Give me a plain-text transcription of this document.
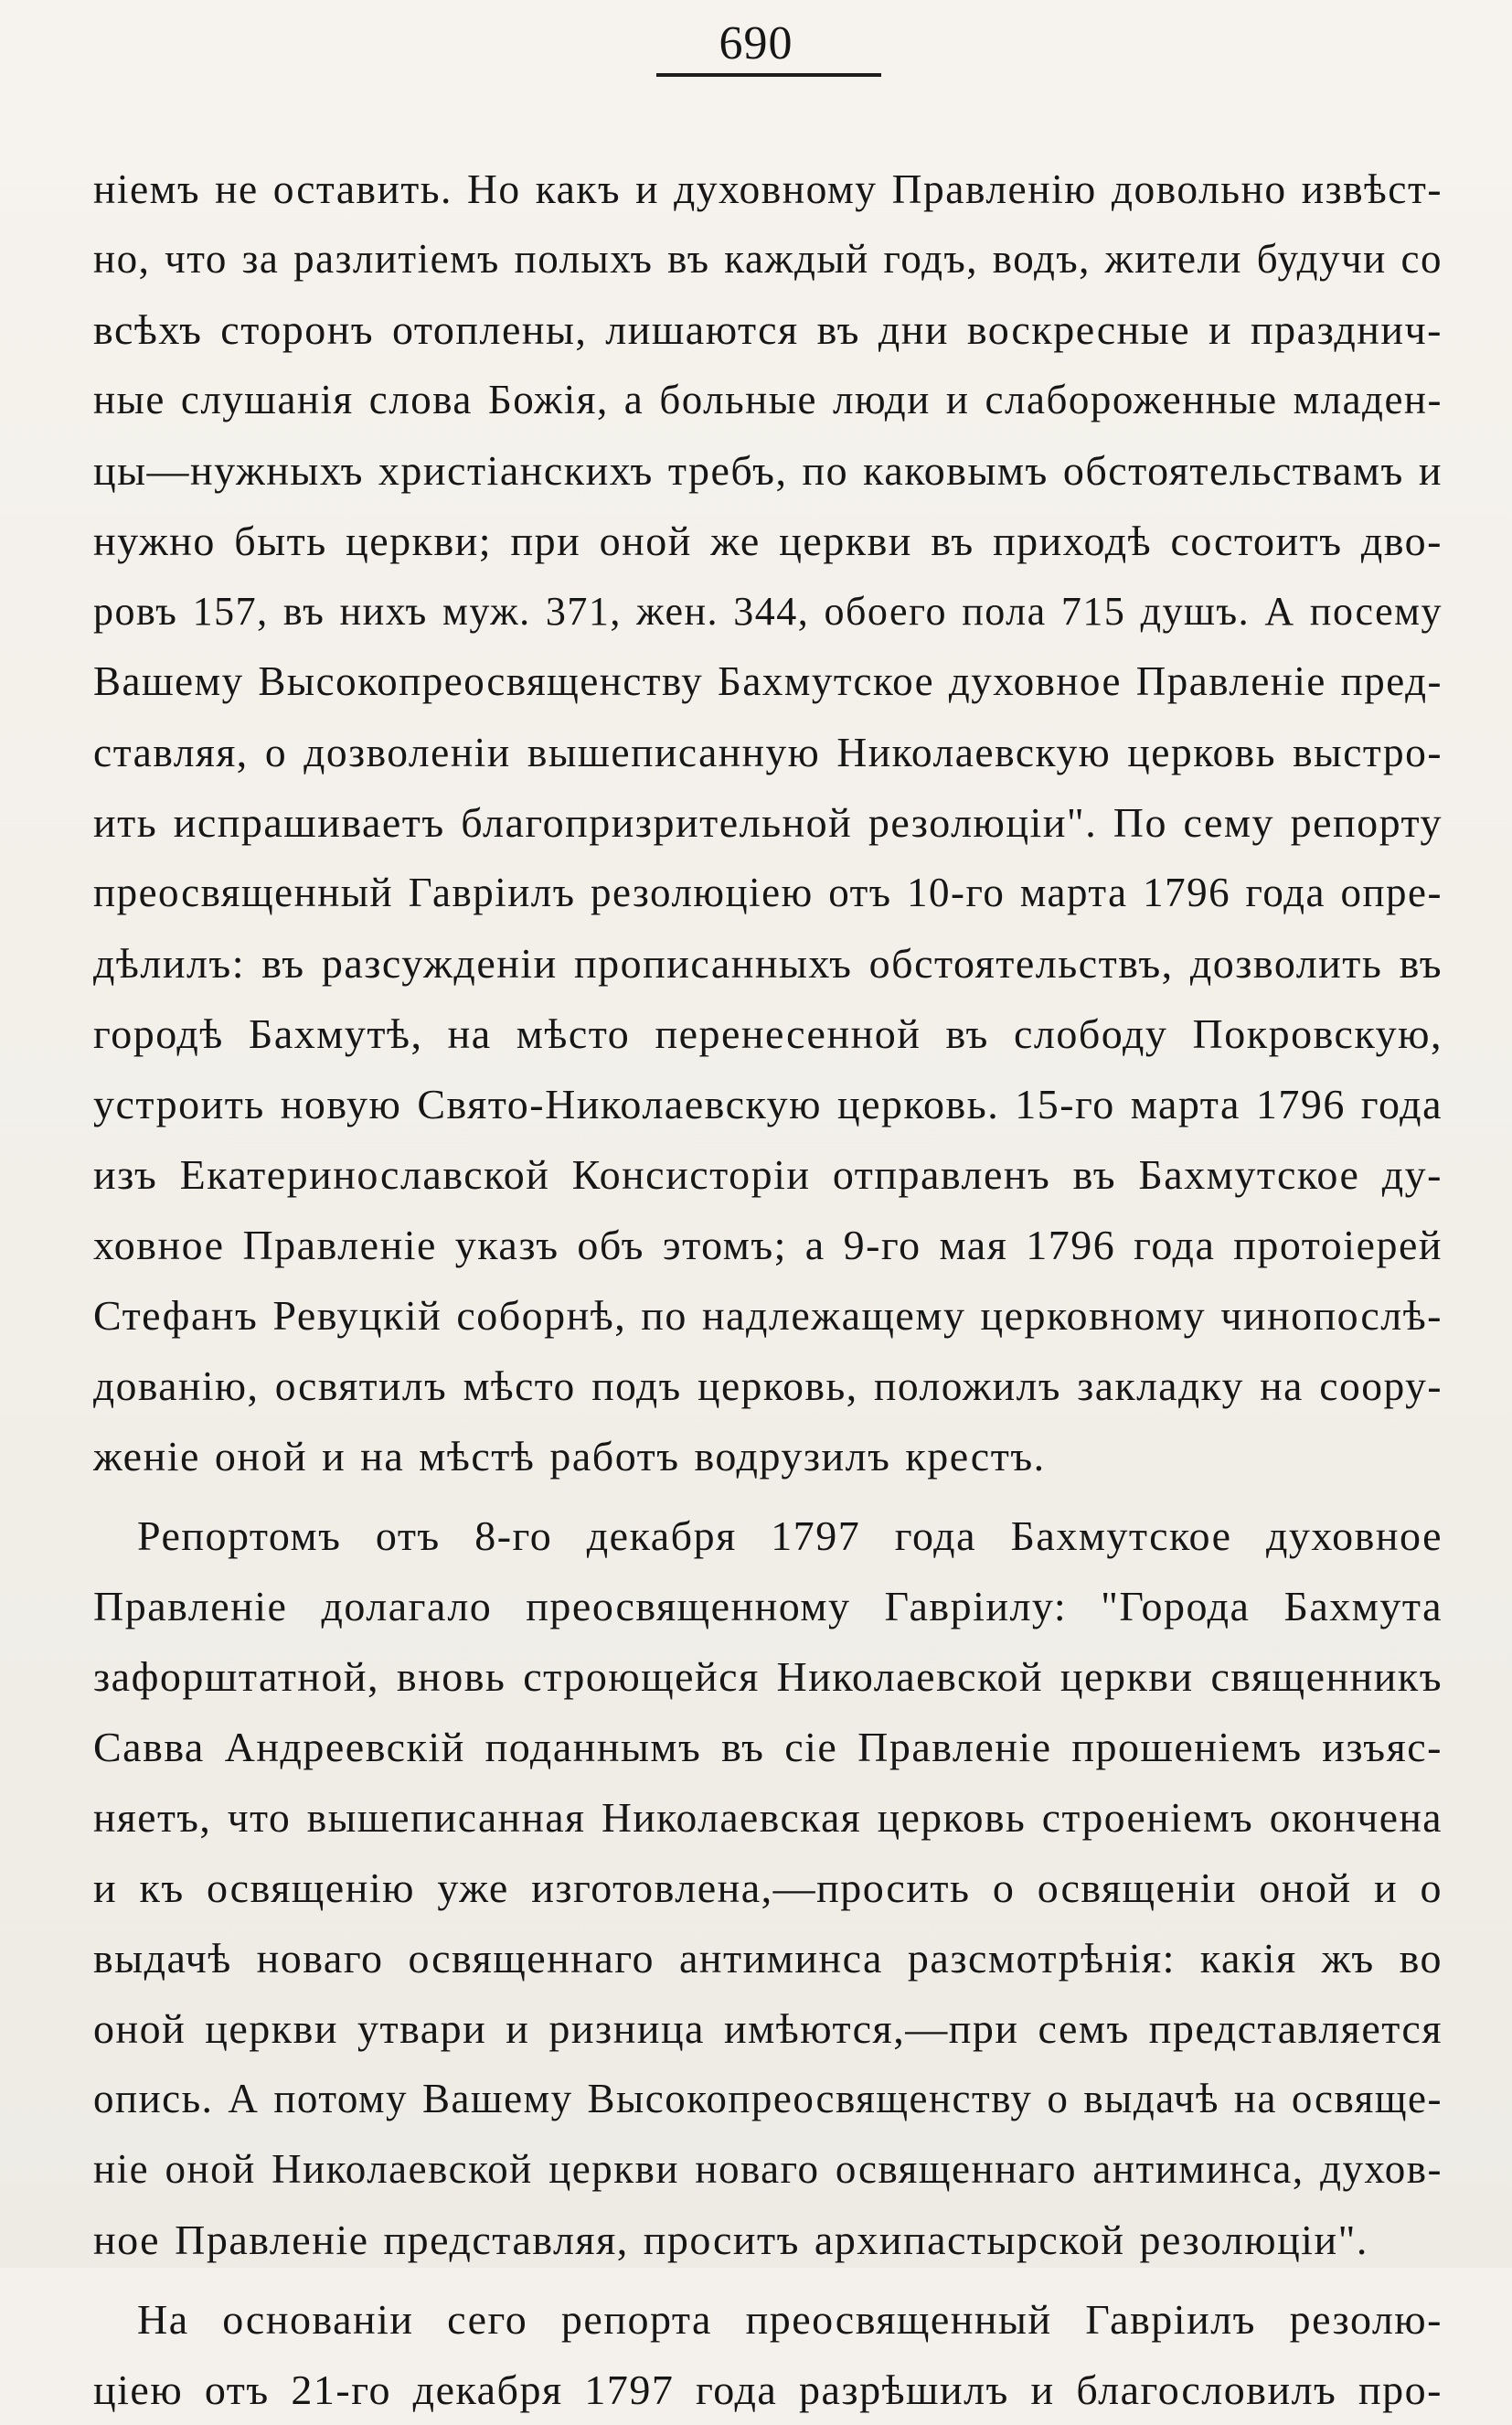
690
нiемъ не оставить. Но какъ и духовному Правленiю довольно извѣст-
но, что за разлитiемъ полыхъ въ каждый годъ, водъ, жители будучи со
всѣхъ сторонъ отоплены, лишаются въ дни воскресные и празднич-
ные слушанiя слова Божiя, а больные люди и слабороженные младен-
цы—нужныхъ христiанскихъ требъ, по каковымъ обстоятельствамъ и
нужно быть церкви; при оной же церкви въ приходѣ состоитъ дво-
ровъ 157, въ нихъ муж. 371, жен. 344, обоего пола 715 душъ. А посему
Вашему Высокопреосвященству Бахмутское духовное Правленiе пред-
ставляя, о дозволенiи вышеписанную Николаевскую церковь выстро-
ить испрашиваетъ благопризрительной резолюцiи". По сему репорту
преосвященный Гаврiилъ резолюцiею отъ 10-го марта 1796 года опре-
дѣлилъ: въ разсужденiи прописанныхъ обстоятельствъ, дозволить въ
городѣ Бахмутѣ, на мѣсто перенесенной въ слободу Покровскую,
устроить новую Свято-Николаевскую церковь. 15-го марта 1796 года
изъ Екатеринославской Консисторiи отправленъ въ Бахмутское ду-
ховное Правленiе указъ объ этомъ; а 9-го мая 1796 года протоiерей
Стефанъ Ревуцкiй соборнѣ, по надлежащему церковному чинопослѣ-
дованiю, освятилъ мѣсто подъ церковь, положилъ закладку на соору-
женiе оной и на мѣстѣ работъ водрузилъ крестъ.
Репортомъ отъ 8-го декабря 1797 года Бахмутское духовное
Правленiе долагало преосвященному Гаврiилу: "Города Бахмута
зафорштатной, вновь строющейся Николаевской церкви священникъ
Савва Андреевскiй поданнымъ въ сiе Правленiе прошенiемъ изъяс-
няетъ, что вышеписанная Николаевская церковь строенiемъ окончена
и къ освященiю уже изготовлена,—просить о освященiи оной и о
выдачѣ новаго освященнаго антиминса разсмотрѣнiя: какiя жъ во
оной церкви утвари и ризница имѣются,—при семъ представляется
опись. А потому Вашему Высокопреосвященству о выдачѣ на освяще-
нiе оной Николаевской церкви новаго освященнаго антиминса, духов-
ное Правленiе представляя, проситъ архипастырской резолюцiи".
На основанiи сего репорта преосвященный Гаврiилъ резолю-
цiею отъ 21-го декабря 1797 года разрѣшилъ и благословилъ про-
